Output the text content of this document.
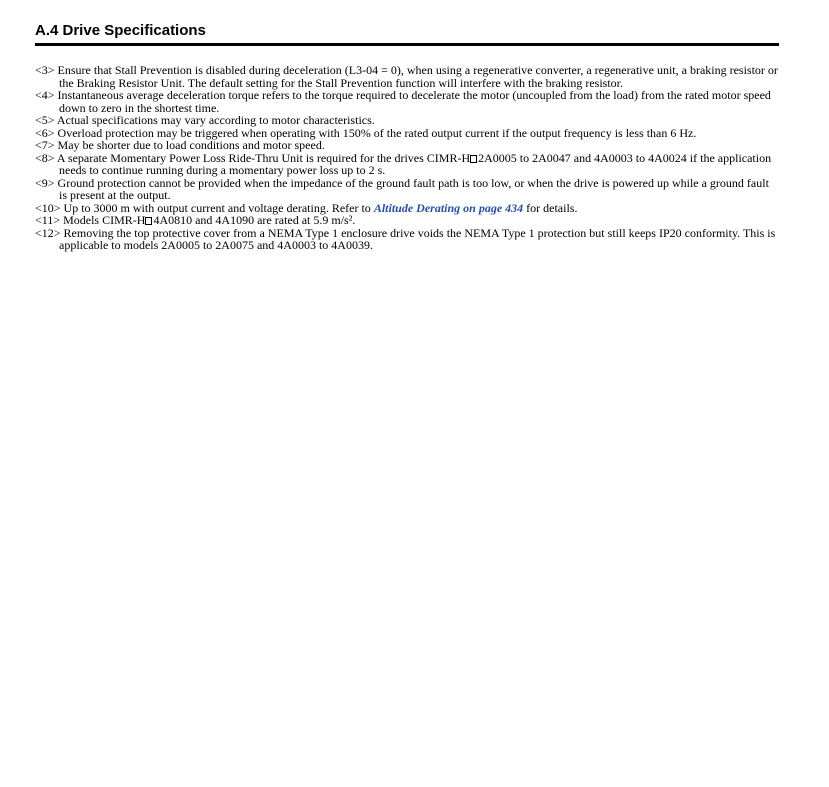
A.4 Drive Specifications
<3> Ensure that Stall Prevention is disabled during deceleration (L3-04 = 0), when using a regenerative converter, a regenerative unit, a braking resistor or the Braking Resistor Unit. The default setting for the Stall Prevention function will interfere with the braking resistor.
<4> Instantaneous average deceleration torque refers to the torque required to decelerate the motor (uncoupled from the load) from the rated motor speed down to zero in the shortest time.
<5> Actual specifications may vary according to motor characteristics.
<6> Overload protection may be triggered when operating with 150% of the rated output current if the output frequency is less than 6 Hz.
<7> May be shorter due to load conditions and motor speed.
<8> A separate Momentary Power Loss Ride-Thru Unit is required for the drives CIMR-H 2A0005 to 2A0047 and 4A0003 to 4A0024 if the application needs to continue running during a momentary power loss up to 2 s.
<9> Ground protection cannot be provided when the impedance of the ground fault path is too low, or when the drive is powered up while a ground fault is present at the output.
<10> Up to 3000 m with output current and voltage derating. Refer to Altitude Derating on page 434 for details.
<11> Models CIMR-H 4A0810 and 4A1090 are rated at 5.9 m/s².
<12> Removing the top protective cover from a NEMA Type 1 enclosure drive voids the NEMA Type 1 protection but still keeps IP20 conformity. This is applicable to models 2A0005 to 2A0075 and 4A0003 to 4A0039.
